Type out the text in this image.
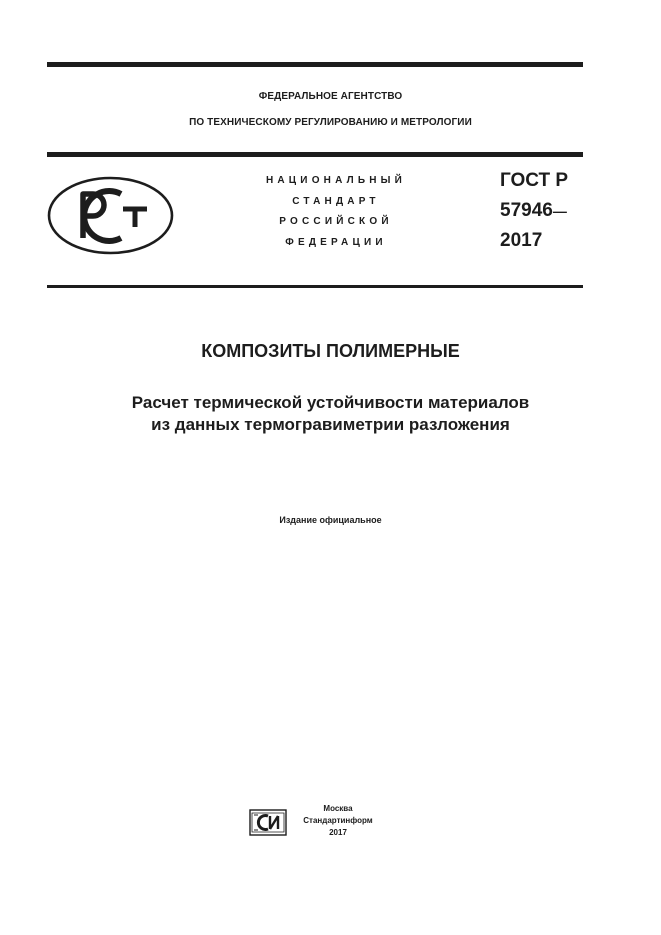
ФЕДЕРАЛЬНОЕ АГЕНТСТВО
ПО ТЕХНИЧЕСКОМУ РЕГУЛИРОВАНИЮ И МЕТРОЛОГИИ
НАЦИОНАЛЬНЫЙ
СТАНДАРТ
РОССИЙСКОЙ
ФЕДЕРАЦИИ
ГОСТ Р
57946—
2017
КОМПОЗИТЫ ПОЛИМЕРНЫЕ
Расчет термической устойчивости материалов
из данных термогравиметрии разложения
Издание официальное
Москва
Стандартинформ
2017
